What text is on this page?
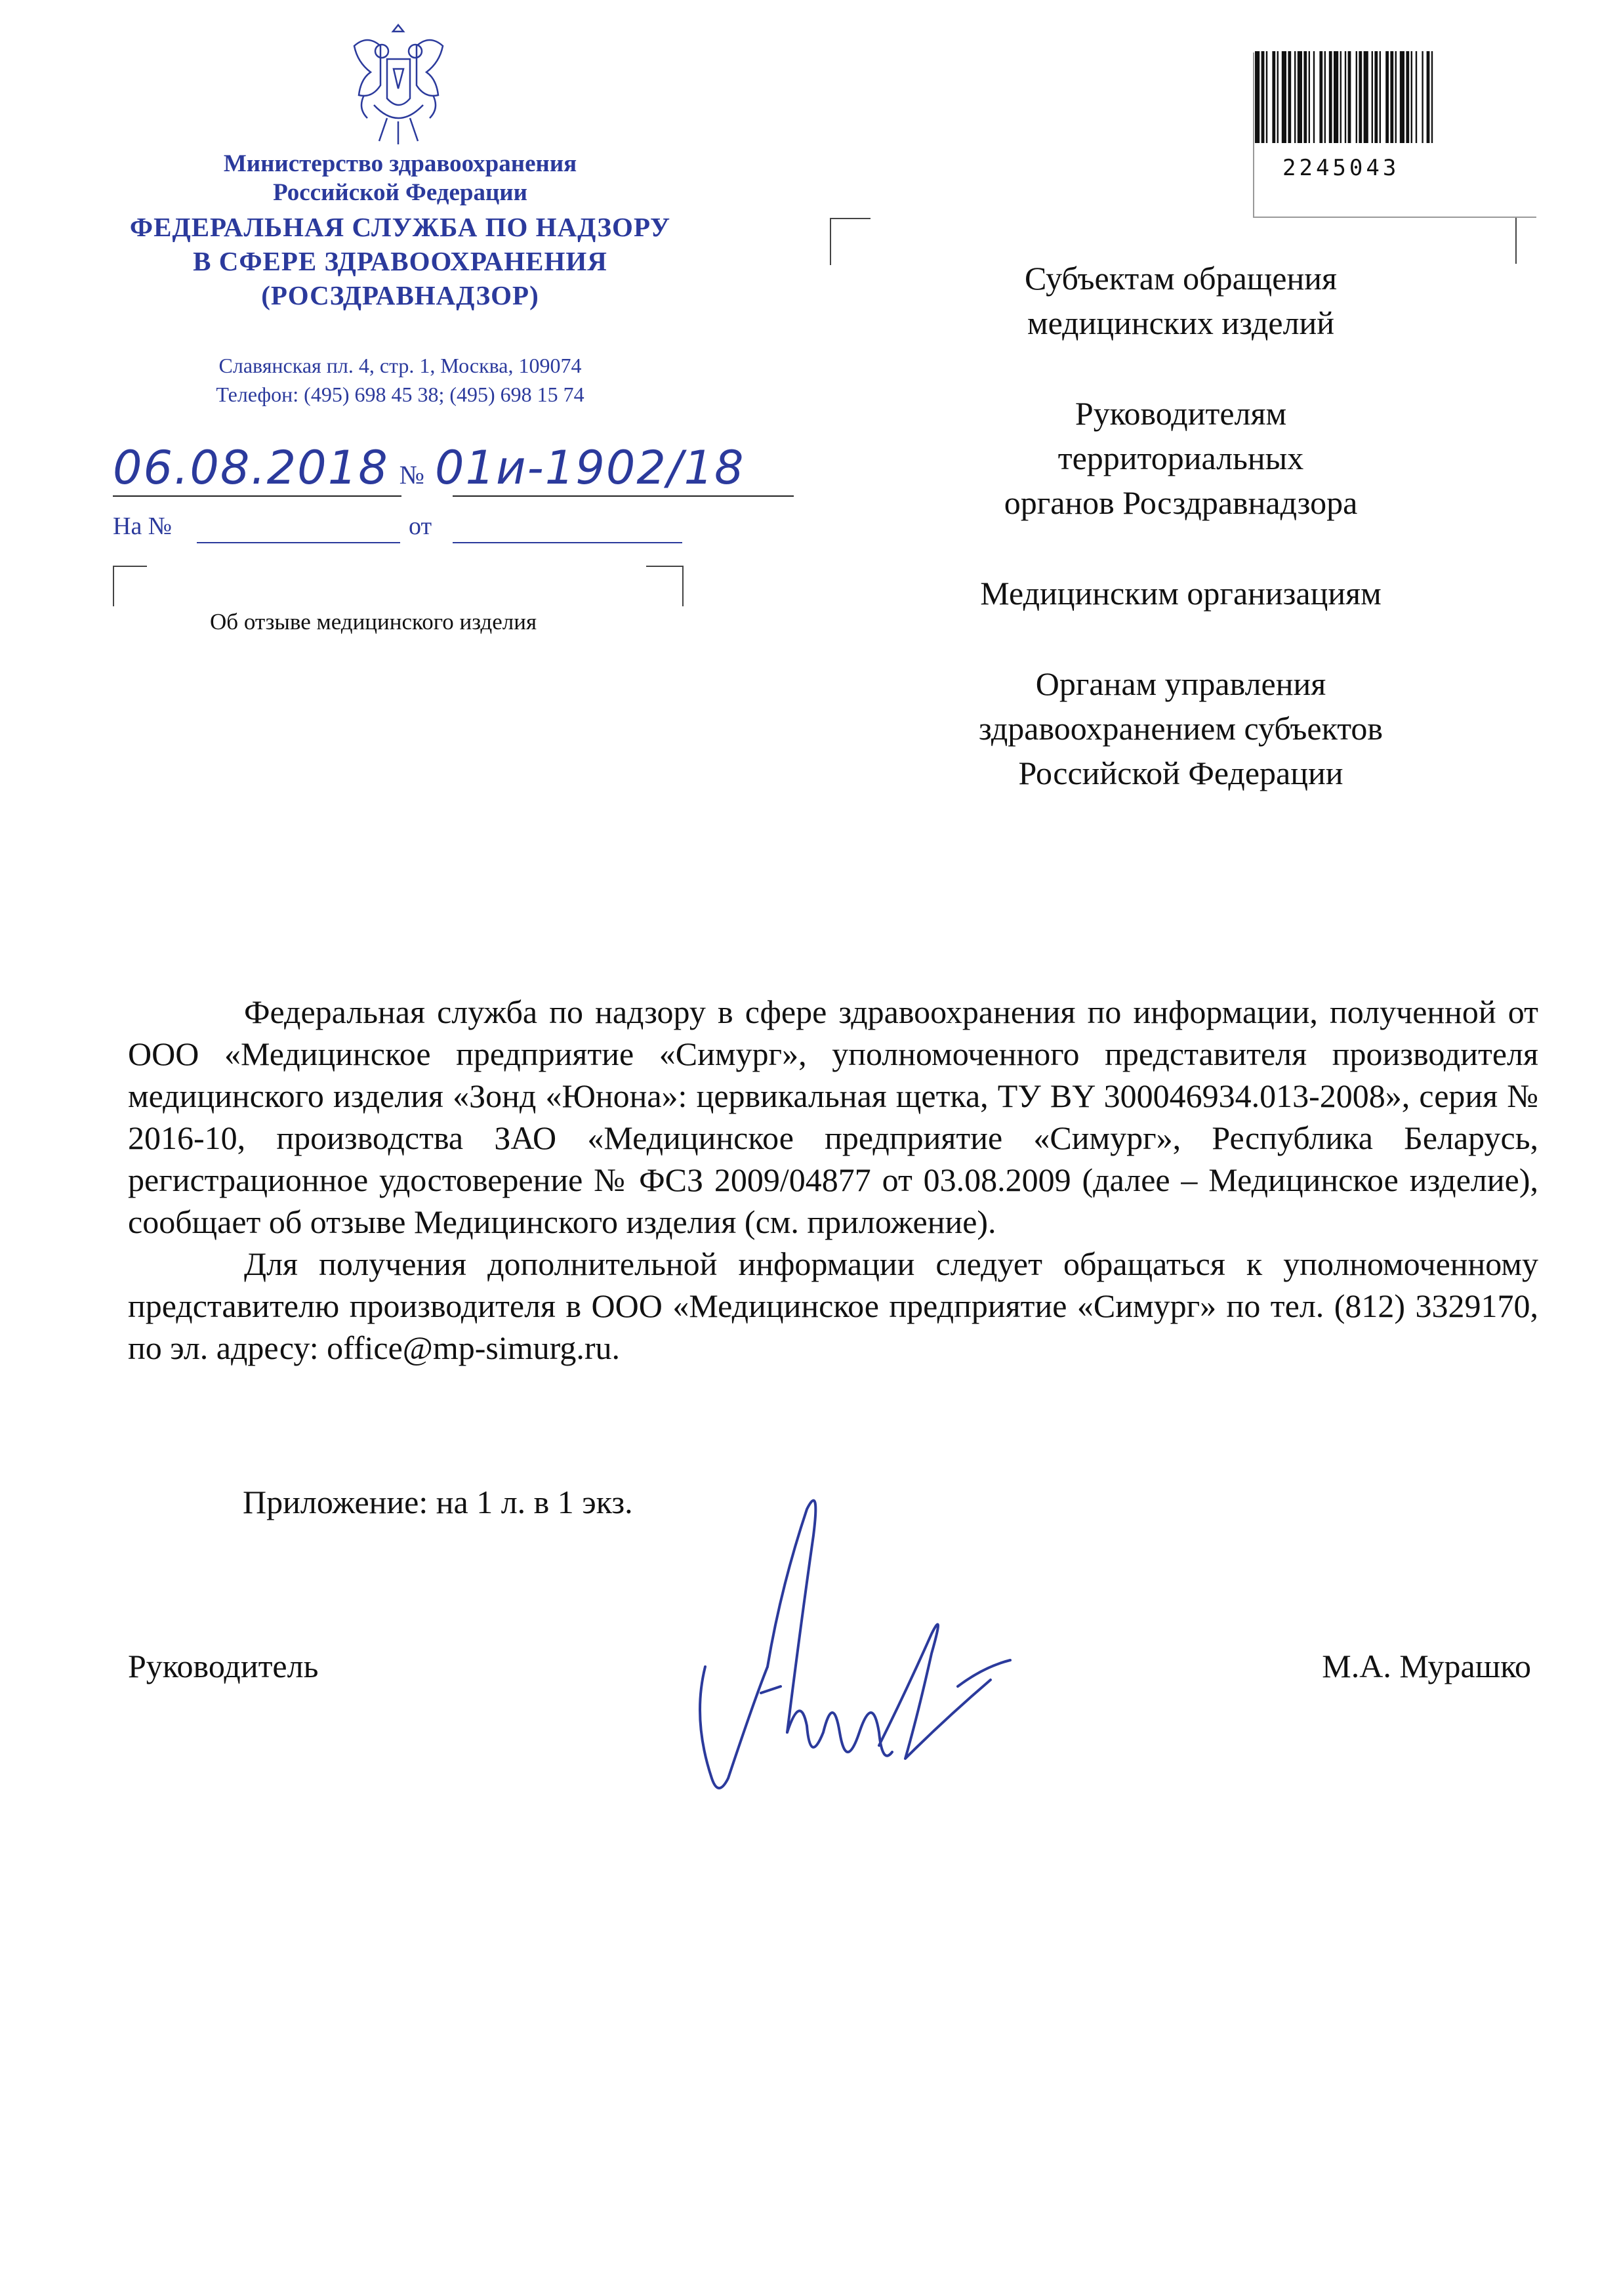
Министерство здравоохранения
Российской Федерации
ФЕДЕРАЛЬНАЯ СЛУЖБА ПО НАДЗОРУ
В СФЕРЕ ЗДРАВООХРАНЕНИЯ
(РОСЗДРАВНАДЗОР)
Славянская пл. 4, стр. 1, Москва, 109074
Телефон: (495) 698 45 38; (495) 698 15 74
06.08.2018 № 01и-1902/18
На №	от
Об отзыве медицинского изделия
2245043

Субъектам обращения
медицинских изделий

Руководителям
территориальных
органов Росздравнадзора

Медицинским организациям

Органам управления
здравоохранением субъектов
Российской Федерации

Федеральная служба по надзору в сфере здравоохранения по информации, полученной от ООО «Медицинское предприятие «Симург», уполномоченного представителя производителя медицинского изделия «Зонд «Юнона»: цервикальная щетка, ТУ BY 300046934.013-2008», серия № 2016-10, производства ЗАО «Медицинское предприятие «Симург», Республика Беларусь, регистрационное удостоверение № ФСЗ 2009/04877 от 03.08.2009 (далее – Медицинское изделие), сообщает об отзыве Медицинского изделия (см. приложение).

Для получения дополнительной информации следует обращаться к уполномоченному представителю производителя в ООО «Медицинское предприятие «Симург» по тел. (812) 3329170, по эл. адресу: office@mp-simurg.ru.

Приложение: на 1 л. в 1 экз.
Руководитель	М.А. Мурашко
